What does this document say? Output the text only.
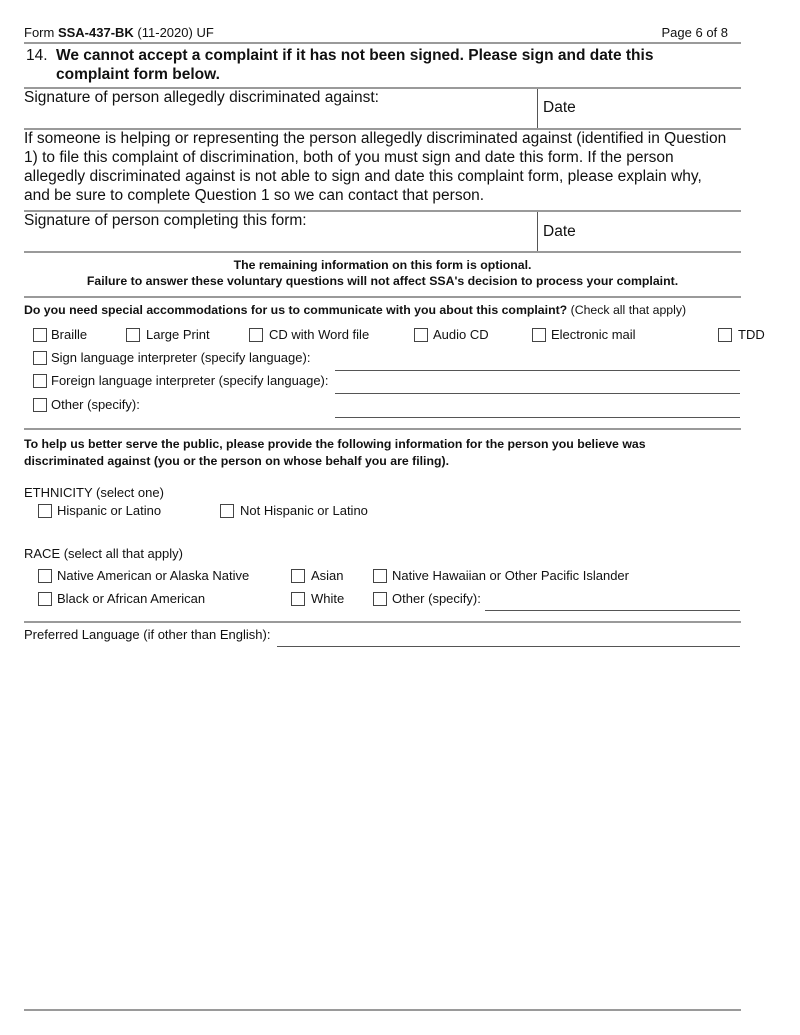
Form SSA-437-BK (11-2020) UF	Page 6 of 8
14. We cannot accept a complaint if it has not been signed. Please sign and date this
complaint form below.
Signature of person allegedly discriminated against:
Date
If someone is helping or representing the person allegedly discriminated against (identified in Question
1) to file this complaint of discrimination, both of you must sign and date this form. If the person
allegedly discriminated against is not able to sign and date this complaint form, please explain why,
and be sure to complete Question 1 so we can contact that person.
Signature of person completing this form:
Date
The remaining information on this form is optional.
Failure to answer these voluntary questions will not affect SSA's decision to process your complaint.
Do you need special accommodations for us to communicate with you about this complaint? (Check all that apply)
Braille	Large Print	CD with Word file	Audio CD	Electronic mail	TDD
Sign language interpreter (specify language):
Foreign language interpreter (specify language):
Other (specify):
To help us better serve the public, please provide the following information for the person you believe was
discriminated against (you or the person on whose behalf you are filing).
ETHNICITY (select one)
Hispanic or Latino	Not Hispanic or Latino
RACE (select all that apply)
Native American or Alaska Native	Asian	Native Hawaiian or Other Pacific Islander
Black or African American	White	Other (specify):
Preferred Language (if other than English):
